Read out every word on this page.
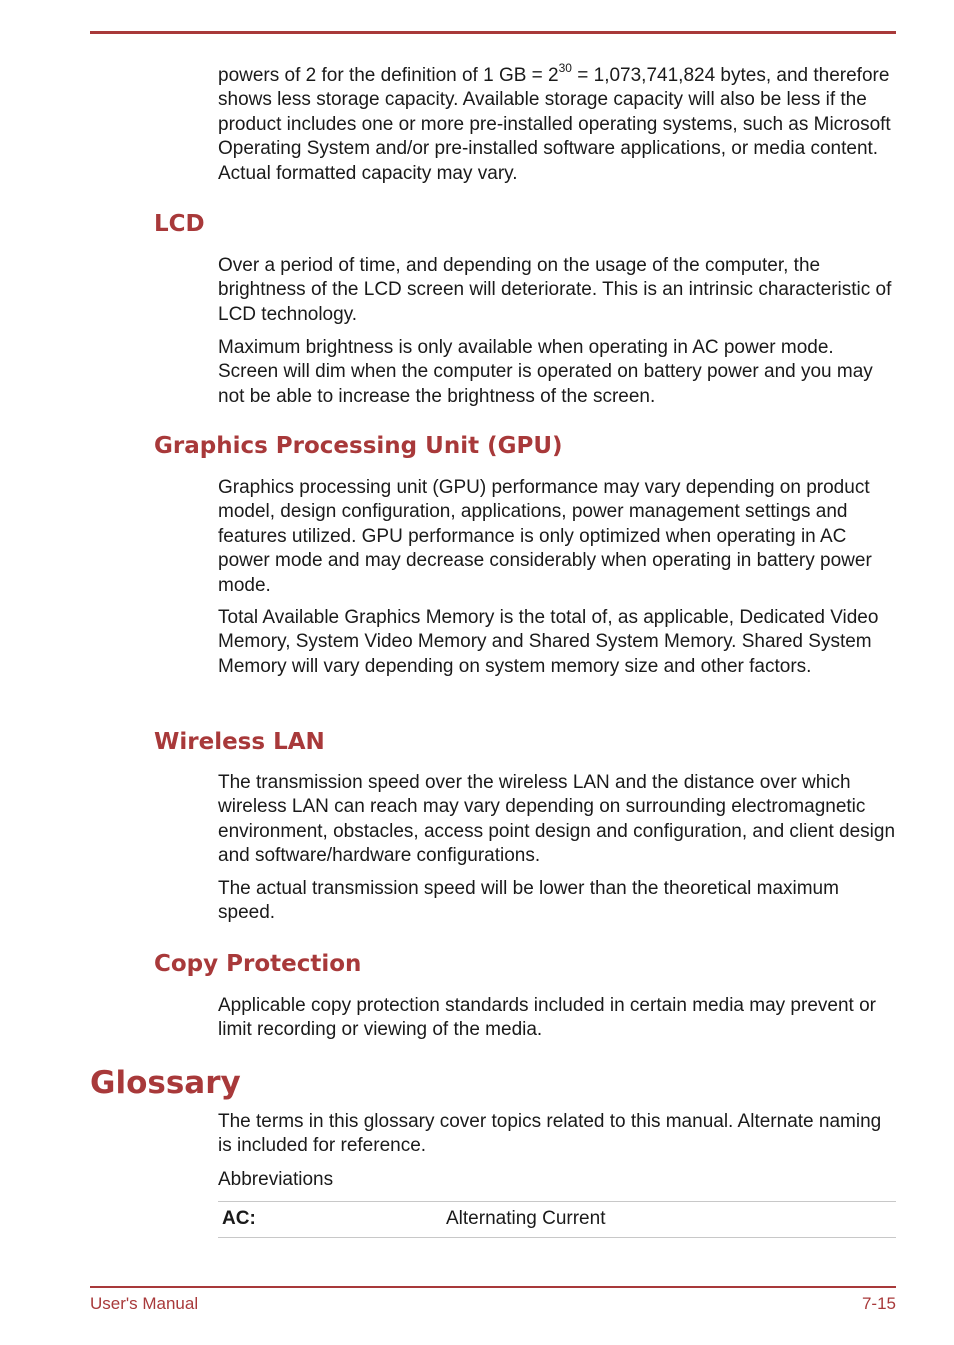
powers of 2 for the definition of 1 GB = $2^{30} = 1,073,741,824$ bytes, and therefore shows less storage capacity. Available storage capacity will also be less if the product includes one or more pre-installed operating systems, such as Microsoft Operating System and/or pre-installed software applications, or media content. Actual formatted capacity may vary.

LCD

Over a period of time, and depending on the usage of the computer, the brightness of the LCD screen will deteriorate. This is an intrinsic characteristic of LCD technology.

Maximum brightness is only available when operating in AC power mode. Screen will dim when the computer is operated on battery power and you may not be able to increase the brightness of the screen.

Graphics Processing Unit (GPU)

Graphics processing unit (GPU) performance may vary depending on product model, design configuration, applications, power management settings and features utilized. GPU performance is only optimized when operating in AC power mode and may decrease considerably when operating in battery power mode.

Total Available Graphics Memory is the total of, as applicable, Dedicated Video Memory, System Video Memory and Shared System Memory. Shared System Memory will vary depending on system memory size and other factors.

Wireless LAN

The transmission speed over the wireless LAN and the distance over which wireless LAN can reach may vary depending on surrounding electromagnetic environment, obstacles, access point design and configuration, and client design and software/hardware configurations.

The actual transmission speed will be lower than the theoretical maximum speed.

Copy Protection

Applicable copy protection standards included in certain media may prevent or limit recording or viewing of the media.

Glossary

The terms in this glossary cover topics related to this manual. Alternate naming is included for reference.

Abbreviations

AC:	Alternating Current
User's Manual	7-15
